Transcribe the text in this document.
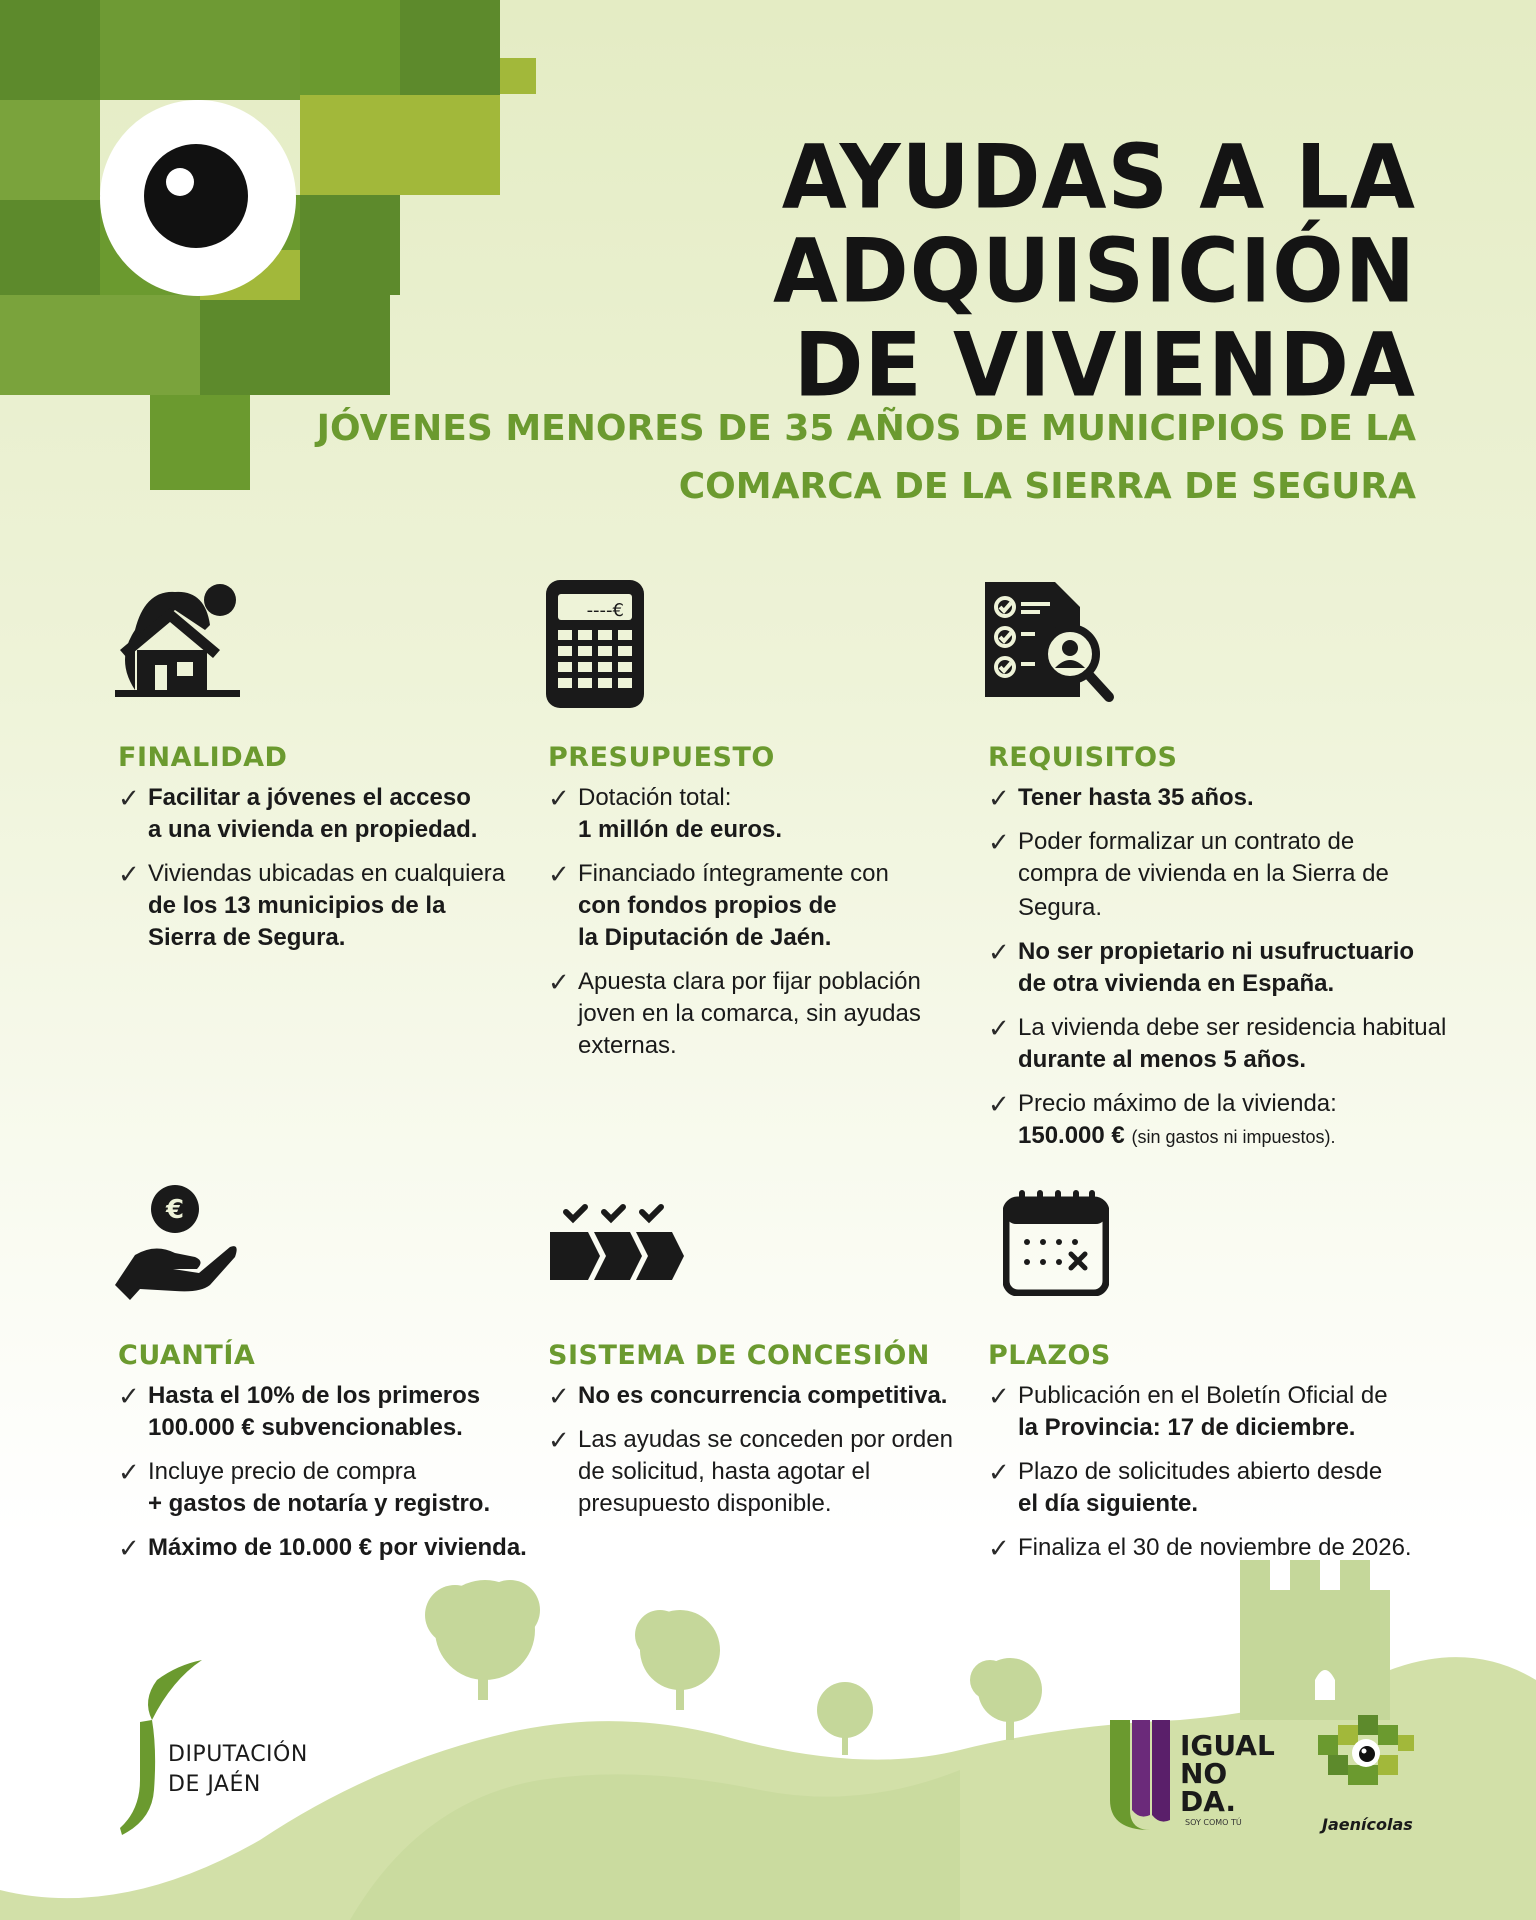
AYUDAS A LA
ADQUISICIÓN
DE VIVIENDA
JÓVENES MENORES DE 35 AÑOS DE MUNICIPIOS DE LA
COMARCA DE LA SIERRA DE SEGURA
----€
FINALIDAD
✓ Facilitar a jóvenes el acceso
a una vivienda en propiedad.
✓ Viviendas ubicadas en cualquiera
de los 13 municipios de la
Sierra de Segura.
PRESUPUESTO
✓ Dotación total:
1 millón de euros.
✓ Financiado íntegramente con
con fondos propios de
la Diputación de Jaén.
✓ Apuesta clara por fijar población
joven en la comarca, sin ayudas
externas.
REQUISITOS
✓ Tener hasta 35 años.
✓ Poder formalizar un contrato de
compra de vivienda en la Sierra de Segura.
✓ No ser propietario ni usufructuario
de otra vivienda en España.
✓ La vivienda debe ser residencia habitual
durante al menos 5 años.
✓ Precio máximo de la vivienda:
150.000 € (sin gastos ni impuestos).
€
CUANTÍA
✓ Hasta el 10% de los primeros
100.000 € subvencionables.
✓ Incluye precio de compra
+ gastos de notaría y registro.
✓ Máximo de 10.000 € por vivienda.
SISTEMA DE CONCESIÓN
✓ No es concurrencia competitiva.
✓ Las ayudas se conceden por orden
de solicitud, hasta agotar el
presupuesto disponible.
PLAZOS
✓ Publicación en el Boletín Oficial de
la Provincia: 17 de diciembre.
✓ Plazo de solicitudes abierto desde
el día siguiente.
✓ Finaliza el 30 de noviembre de 2026.
DIPUTACIÓN
DE JAÉN
IGUAL
NO
DA.
SOY COMO TÚ	Jaenícolas
